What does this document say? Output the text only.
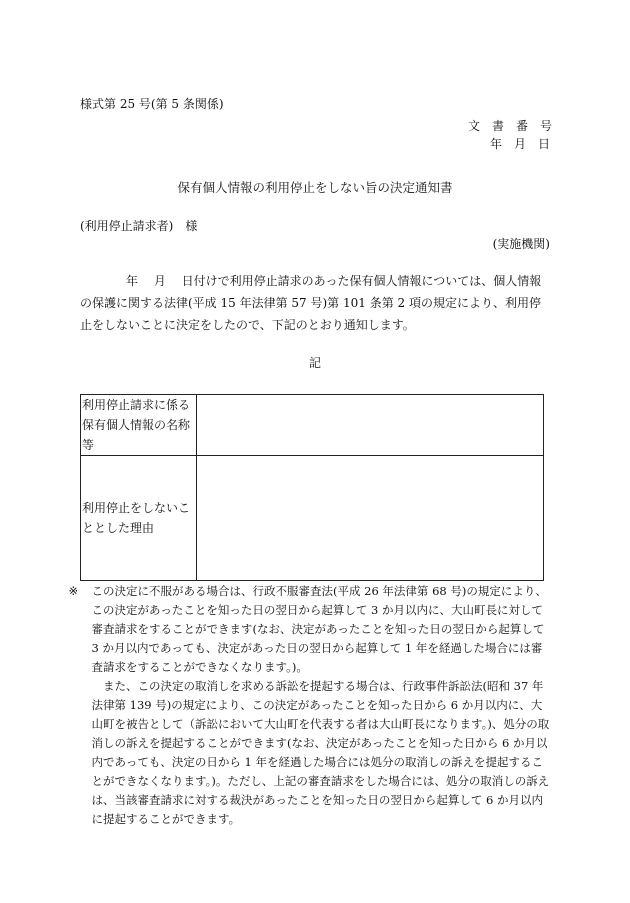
様式第 25 号(第 5 条関係)

文　書　番　号

年　月　日

保有個人情報の利用停止をしない旨の決定通知書

(利用停止請求者)　様

(実施機関)

年　 月 　日付けで利用停止請求のあった保有個人情報については、個人情報の保護に関する法律(平成 15 年法律第 57 号)第 101 条第 2 項の規定により、利用停止をしないことに決定をしたので、下記のとおり通知します。

記

利用停止請求に係る保有個人情報の名称等	
利用停止をしないこととした理由	

※ この決定に不服がある場合は、行政不服審査法(平成 26 年法律第 68 号)の規定により、この決定があったことを知った日の翌日から起算して 3 か月以内に、大山町長に対して審査請求をすることができます(なお、決定があったことを知った日の翌日から起算して 3 か月以内であっても、決定があった日の翌日から起算して 1 年を経過した場合には審査請求をすることができなくなります。)。

また、この決定の取消しを求める訴訟を提起する場合は、行政事件訴訟法(昭和 37 年法律第 139 号)の規定により、この決定があったことを知った日から 6 か月以内に、大山町を被告として（訴訟において大山町を代表する者は大山町長になります。)、処分の取消しの訴えを提起することができます(なお、決定があったことを知った日から 6 か月以内であっても、決定の日から 1 年を経過した場合には処分の取消しの訴えを提起することができなくなります。)。ただし、上記の審査請求をした場合には、処分の取消しの訴えは、当該審査請求に対する裁決があったことを知った日の翌日から起算して 6 か月以内に提起することができます。
